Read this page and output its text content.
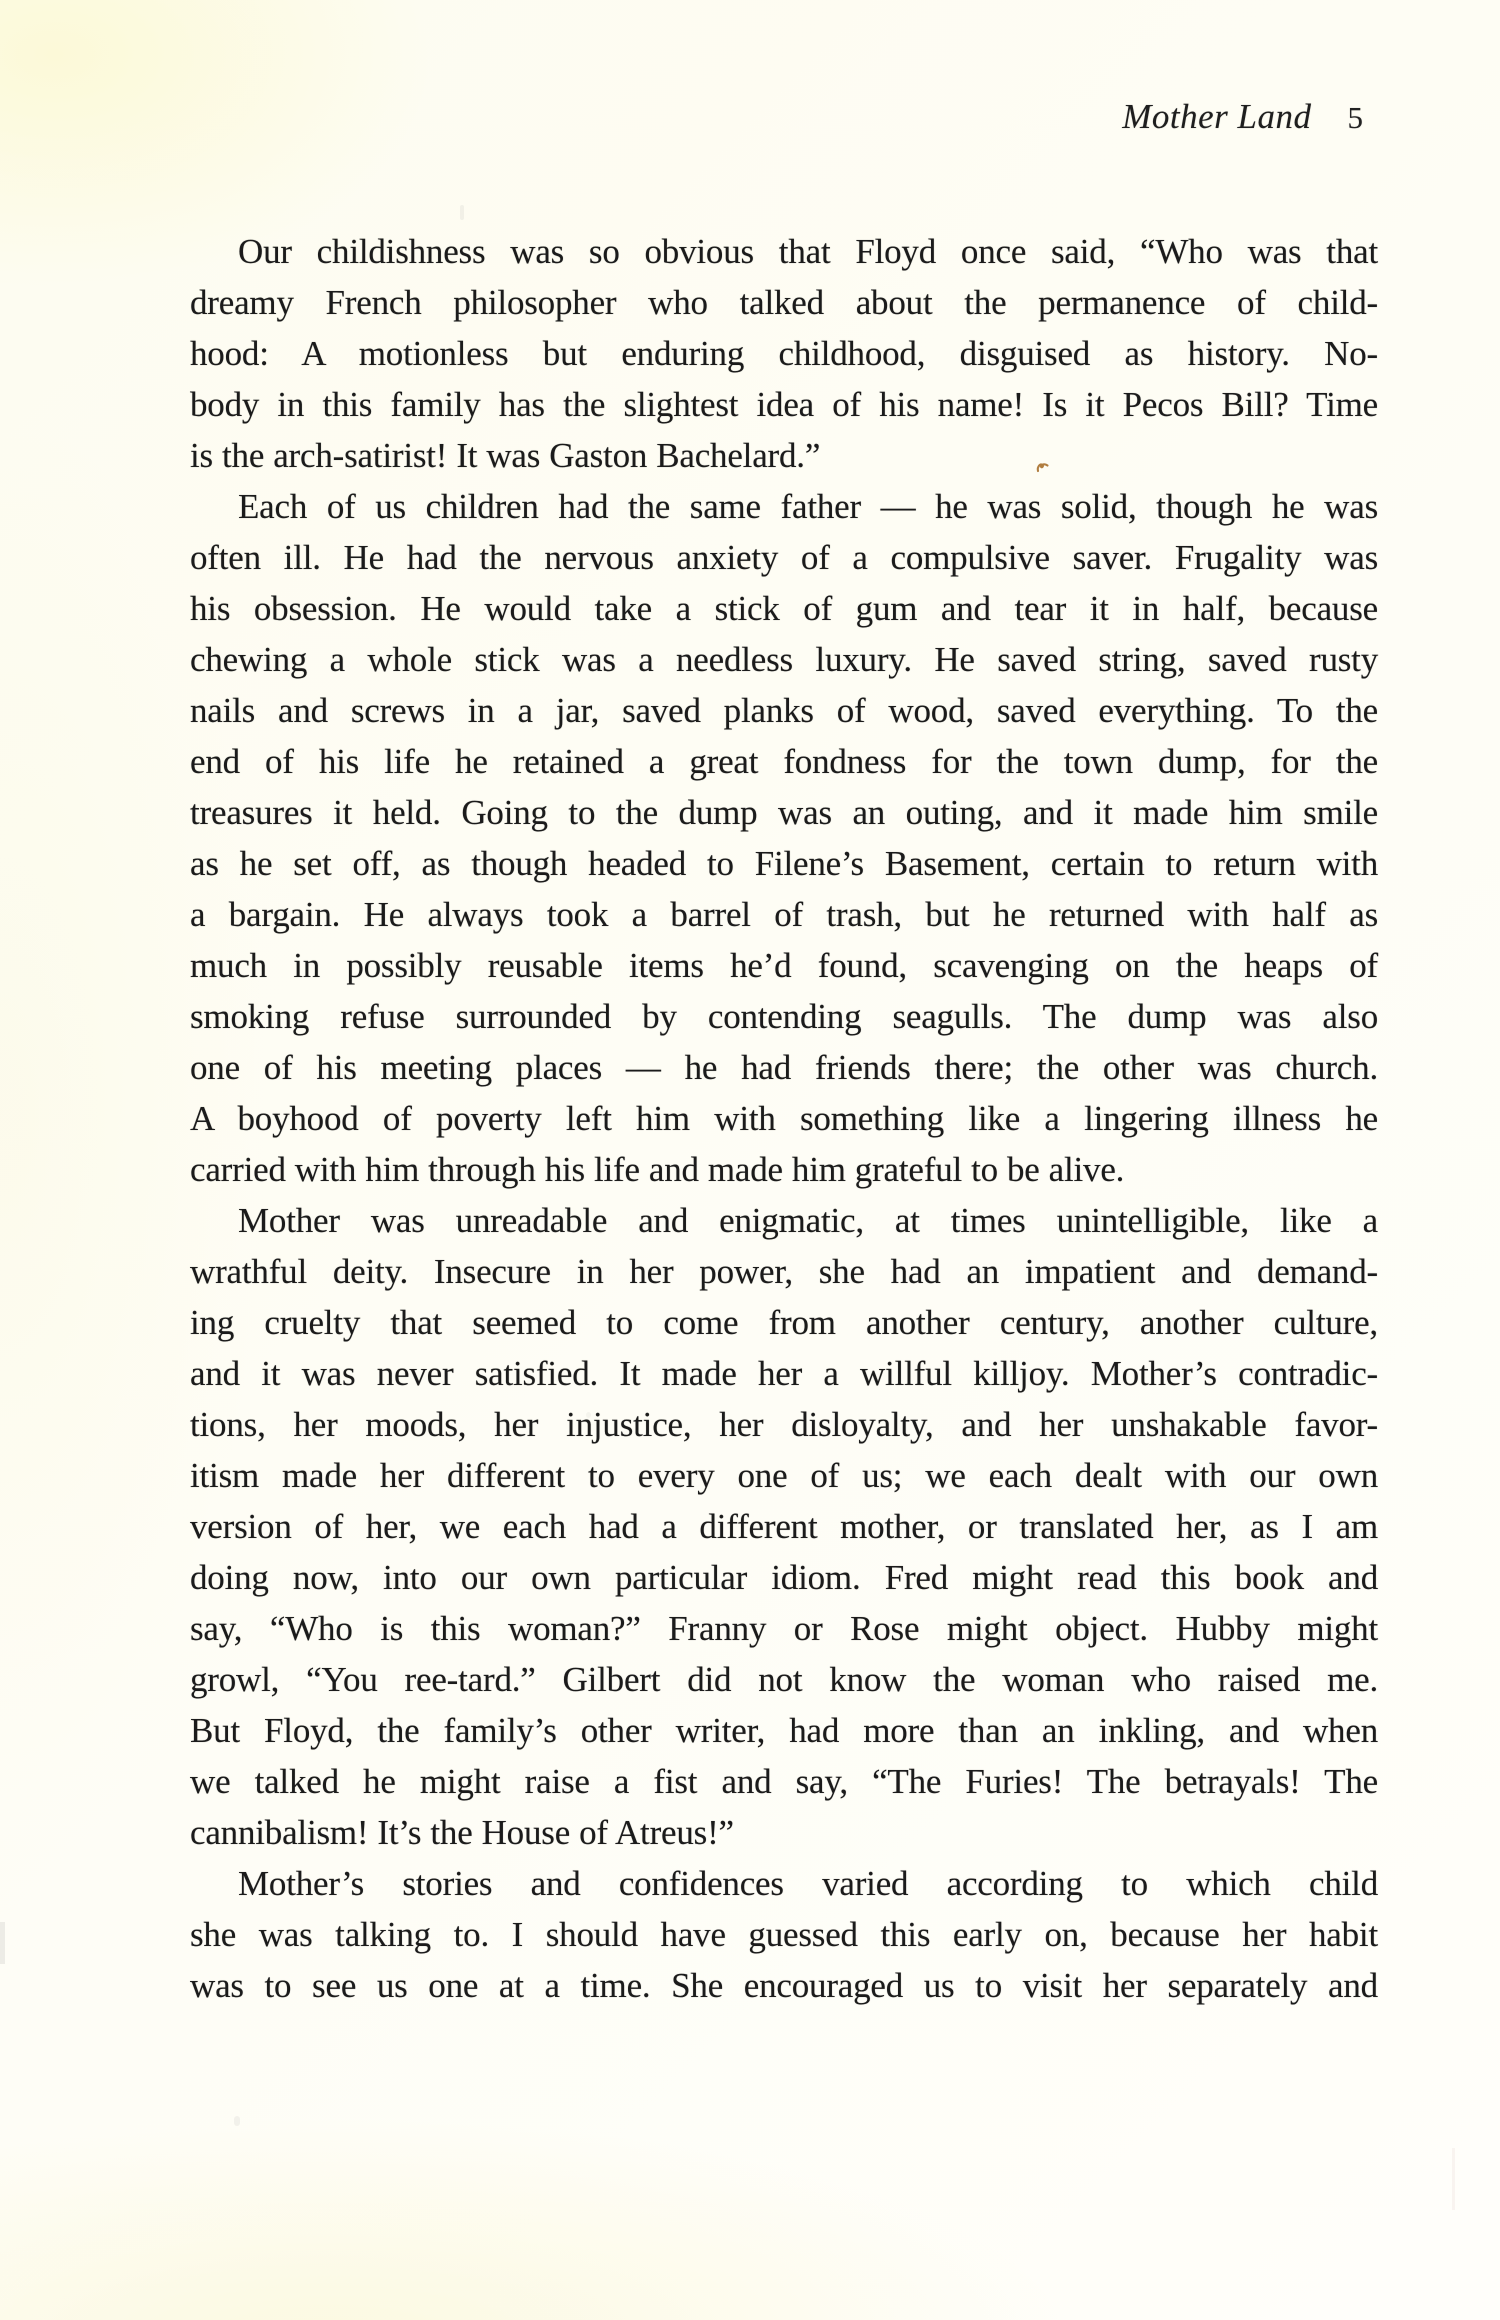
Mother Land 5
Our childishness was so obvious that Floyd once said, “Who was that
dreamy French philosopher who talked about the permanence of child-
hood: A motionless but enduring childhood, disguised as history. No-
body in this family has the slightest idea of his name! Is it Pecos Bill? Time
is the arch-satirist! It was Gaston Bachelard.”
Each of us children had the same father — he was solid, though he was
often ill. He had the nervous anxiety of a compulsive saver. Frugality was
his obsession. He would take a stick of gum and tear it in half, because
chewing a whole stick was a needless luxury. He saved string, saved rusty
nails and screws in a jar, saved planks of wood, saved everything. To the
end of his life he retained a great fondness for the town dump, for the
treasures it held. Going to the dump was an outing, and it made him smile
as he set off, as though headed to Filene’s Basement, certain to return with
a bargain. He always took a barrel of trash, but he returned with half as
much in possibly reusable items he’d found, scavenging on the heaps of
smoking refuse surrounded by contending seagulls. The dump was also
one of his meeting places — he had friends there; the other was church.
A boyhood of poverty left him with something like a lingering illness he
carried with him through his life and made him grateful to be alive.
Mother was unreadable and enigmatic, at times unintelligible, like a
wrathful deity. Insecure in her power, she had an impatient and demand-
ing cruelty that seemed to come from another century, another culture,
and it was never satisfied. It made her a willful killjoy. Mother’s contradic-
tions, her moods, her injustice, her disloyalty, and her unshakable favor-
itism made her different to every one of us; we each dealt with our own
version of her, we each had a different mother, or translated her, as I am
doing now, into our own particular idiom. Fred might read this book and
say, “Who is this woman?” Franny or Rose might object. Hubby might
growl, “You ree-tard.” Gilbert did not know the woman who raised me.
But Floyd, the family’s other writer, had more than an inkling, and when
we talked he might raise a fist and say, “The Furies! The betrayals! The
cannibalism! It’s the House of Atreus!”
Mother’s stories and confidences varied according to which child
she was talking to. I should have guessed this early on, because her habit
was to see us one at a time. She encouraged us to visit her separately and
